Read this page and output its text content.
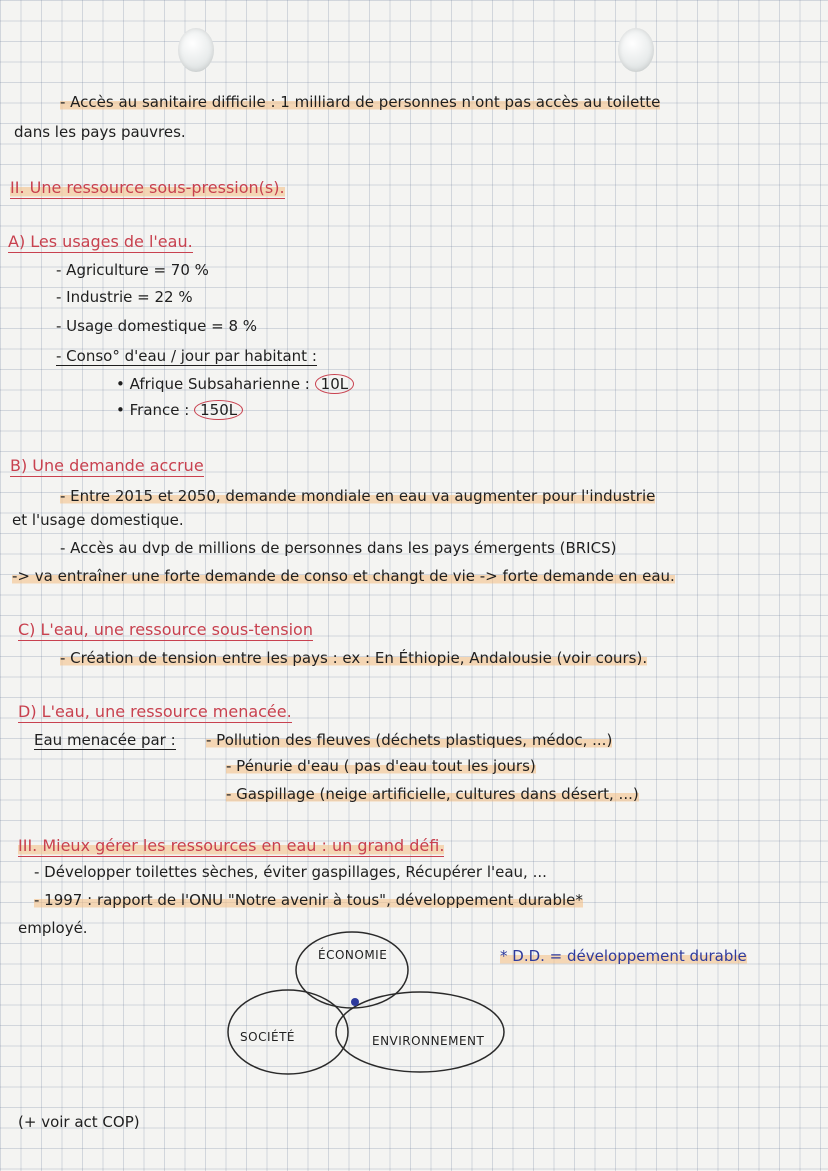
- Accès au sanitaire difficile : 1 milliard de personnes n'ont pas accès au toilette
dans les pays pauvres.
II. Une ressource sous-pression(s).
A) Les usages de l'eau.
- Agriculture = 70 %
- Industrie = 22 %
- Usage domestique = 8 %
- Conso° d'eau / jour par habitant :
• Afrique Subsaharienne : 10L
• France : 150L
B) Une demande accrue
- Entre 2015 et 2050, demande mondiale en eau va augmenter pour l'industrie
et l'usage domestique.
- Accès au dvp de millions de personnes dans les pays émergents (BRICS)
-> va entraîner une forte demande de conso et changt de vie -> forte demande en eau.
C) L'eau, une ressource sous-tension
- Création de tension entre les pays : ex : En Éthiopie, Andalousie (voir cours).
D) L'eau, une ressource menacée.
Eau menacée par : - Pollution des fleuves (déchets plastiques, médoc, ...)
- Pénurie d'eau ( pas d'eau tout les jours)
- Gaspillage (neige artificielle, cultures dans désert, ...)
III. Mieux gérer les ressources en eau : un grand défi.
- Développer toilettes sèches, éviter gaspillages, Récupérer l'eau, ...
- 1997 : rapport de l'ONU "Notre avenir à tous", développement durable*
employé.
* D.D. = développement durable
ÉCONOMIE
SOCIÉTÉ	ENVIRONNEMENT
(+ voir act COP)
